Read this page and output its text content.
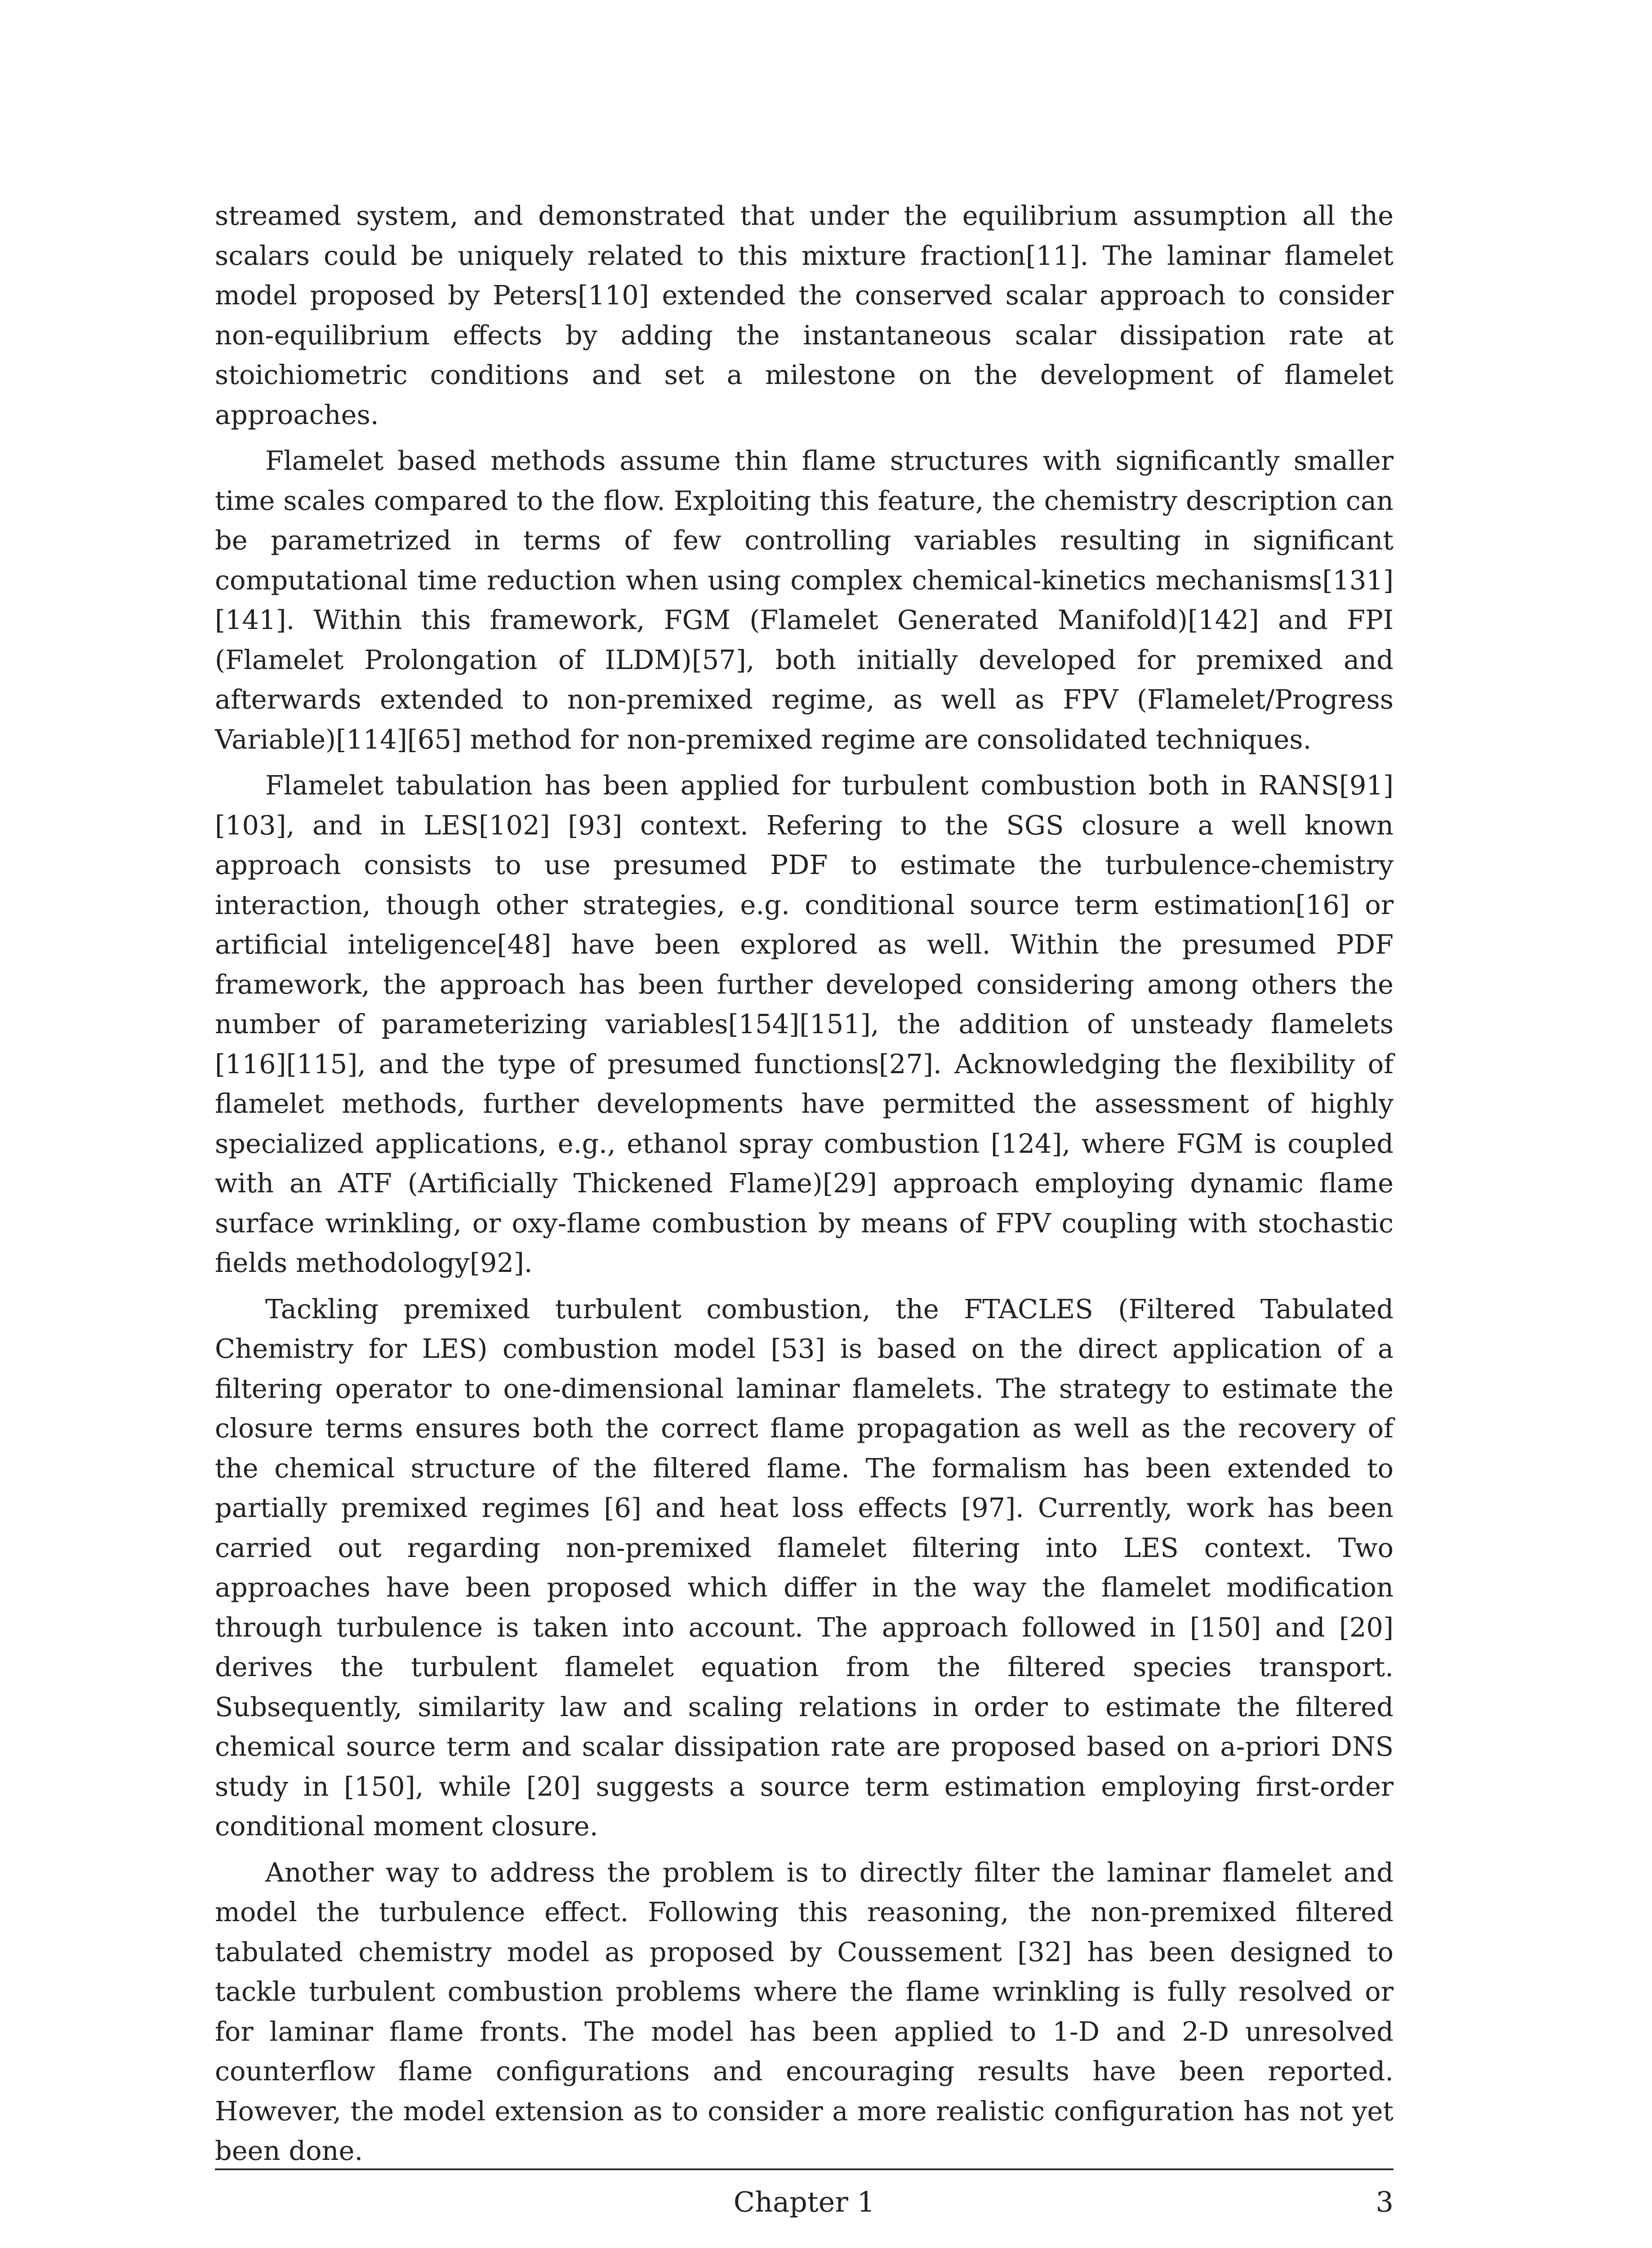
streamed system, and demonstrated that under the equilibrium assumption all the scalars could be uniquely related to this mixture fraction[11]. The laminar flamelet model proposed by Peters[110] extended the conserved scalar approach to consider non-equilibrium effects by adding the instantaneous scalar dissipation rate at stoichiometric conditions and set a milestone on the development of flamelet approaches.

Flamelet based methods assume thin flame structures with significantly smaller time scales compared to the flow. Exploiting this feature, the chemistry description can be parametrized in terms of few controlling variables resulting in significant computational time reduction when using complex chemical-kinetics mechanisms[131][141]. Within this framework, FGM (Flamelet Generated Manifold)[142] and FPI (Flamelet Prolongation of ILDM)[57], both initially developed for premixed and afterwards extended to non-premixed regime, as well as FPV (Flamelet/Progress Variable)[114][65] method for non-premixed regime are consolidated techniques.

Flamelet tabulation has been applied for turbulent combustion both in RANS[91] [103], and in LES[102] [93] context. Refering to the SGS closure a well known approach consists to use presumed PDF to estimate the turbulence-chemistry interaction, though other strategies, e.g. conditional source term estimation[16] or artificial inteligence[48] have been explored as well. Within the presumed PDF framework, the approach has been further developed considering among others the number of parameterizing variables[154][151], the addition of unsteady flamelets [116][115], and the type of presumed functions[27]. Acknowledging the flexibility of flamelet methods, further developments have permitted the assessment of highly specialized applications, e.g., ethanol spray combustion [124], where FGM is coupled with an ATF (Artificially Thickened Flame)[29] approach employing dynamic flame surface wrinkling, or oxy-flame combustion by means of FPV coupling with stochastic fields methodology[92].

Tackling premixed turbulent combustion, the FTACLES (Filtered Tabulated Chemistry for LES) combustion model [53] is based on the direct application of a filtering operator to one-dimensional laminar flamelets. The strategy to estimate the closure terms ensures both the correct flame propagation as well as the recovery of the chemical structure of the filtered flame. The formalism has been extended to partially premixed regimes [6] and heat loss effects [97]. Currently, work has been carried out regarding non-premixed flamelet filtering into LES context. Two approaches have been proposed which differ in the way the flamelet modification through turbulence is taken into account. The approach followed in [150] and [20] derives the turbulent flamelet equation from the filtered species transport. Subsequently, similarity law and scaling relations in order to estimate the filtered chemical source term and scalar dissipation rate are proposed based on a-priori DNS study in [150], while [20] suggests a source term estimation employing first-order conditional moment closure.

Another way to address the problem is to directly filter the laminar flamelet and model the turbulence effect. Following this reasoning, the non-premixed filtered tabulated chemistry model as proposed by Coussement [32] has been designed to tackle turbulent combustion problems where the flame wrinkling is fully resolved or for laminar flame fronts. The model has been applied to 1-D and 2-D unresolved counterflow flame configurations and encouraging results have been reported. However, the model extension as to consider a more realistic configuration has not yet been done.

Chapter 1	3
